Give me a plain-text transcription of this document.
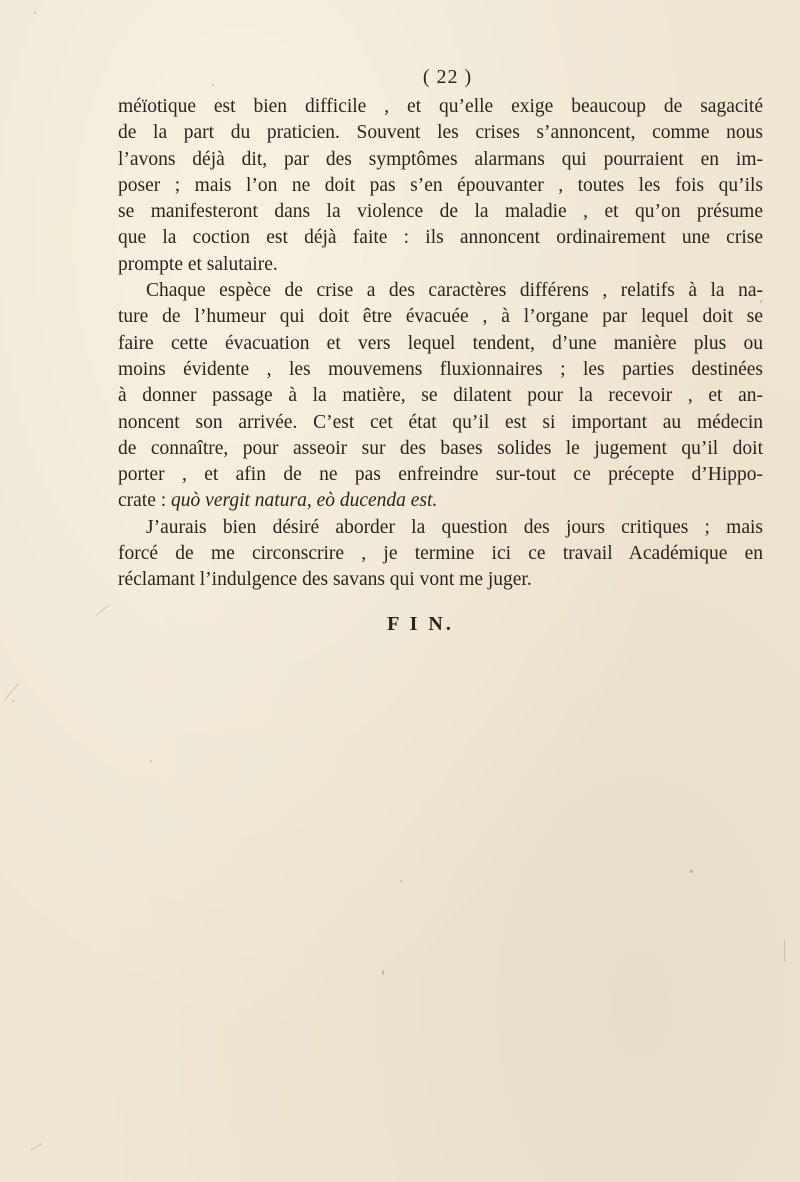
( 22 )
méïotique est bien difficile , et qu’elle exige beaucoup de sagacité
de la part du praticien. Souvent les crises s’annoncent, comme nous
l’avons déjà dit, par des symptômes alarmans qui pourraient en im-
poser ; mais l’on ne doit pas s’en épouvanter , toutes les fois qu’ils
se manifesteront dans la violence de la maladie , et qu’on présume
que la coction est déjà faite : ils annoncent ordinairement une crise
prompte et salutaire.
Chaque espèce de crise a des caractères différens , relatifs à la na-
ture de l’humeur qui doit être évacuée , à l’organe par lequel doit se
faire cette évacuation et vers lequel tendent, d’une manière plus ou
moins évidente , les mouvemens fluxionnaires ; les parties destinées
à donner passage à la matière, se dilatent pour la recevoir , et an-
noncent son arrivée. C’est cet état qu’il est si important au médecin
de connaître, pour asseoir sur des bases solides le jugement qu’il doit
porter , et afin de ne pas enfreindre sur-tout ce précepte d’Hippo-
crate : quò vergit natura, eò ducenda est.
J’aurais bien désiré aborder la question des jours critiques ; mais
forcé de me circonscrire , je termine ici ce travail Académique en
réclamant l’indulgence des savans qui vont me juger.
F I N.
